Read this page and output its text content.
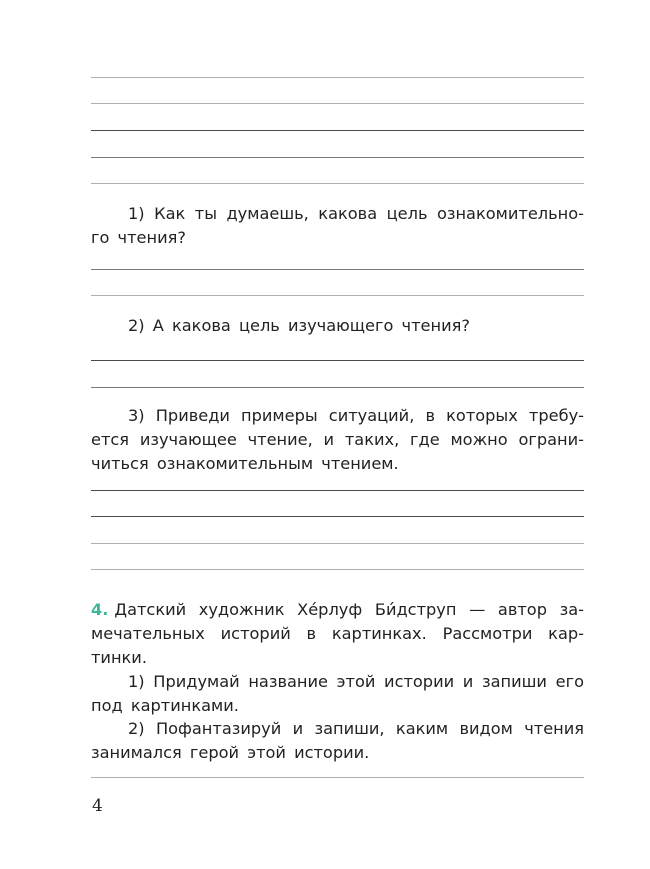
1) Как ты думаешь, какова цель ознакомительного чтения?

2) А какова цель изучающего чтения?

3) Приведи примеры ситуаций, в которых требуется изучающее чтение, и таких, где можно ограничиться ознакомительным чтением.

4. Датский художник Хе́рлуф Би́дструп — автор замечательных историй в картинках. Рассмотри картинки.

1) Придумай название этой истории и запиши его под картинками.

2) Пофантазируй и запиши, каким видом чтения занимался герой этой истории.

4
